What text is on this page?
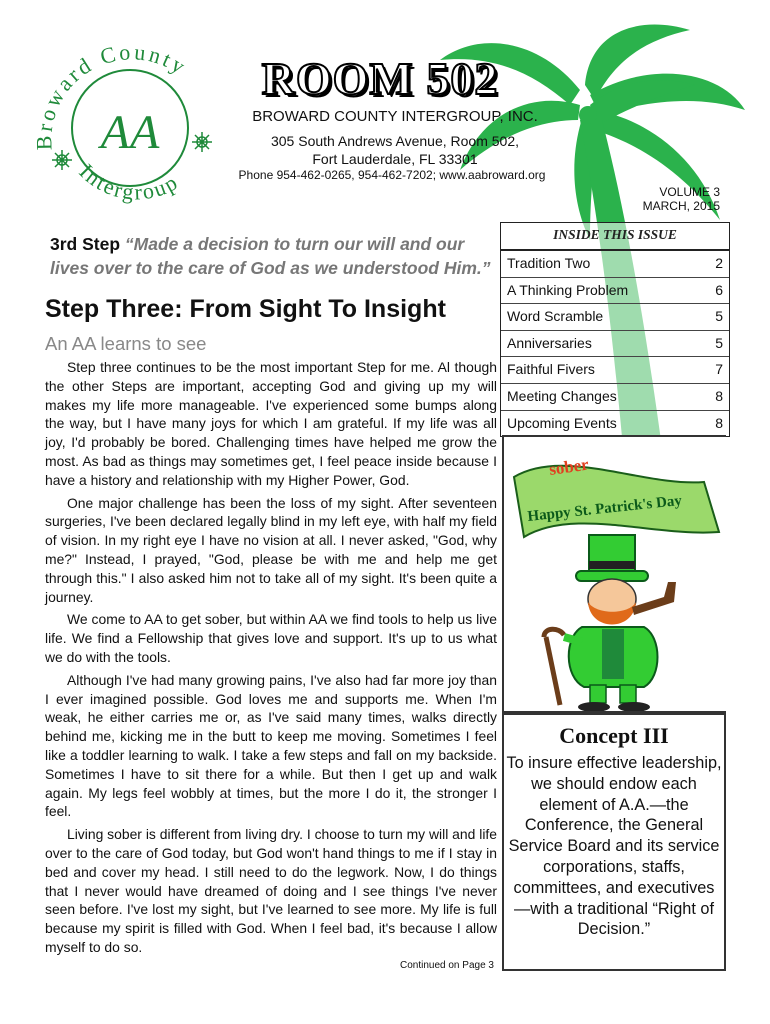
Broward County
Intergroup
AA
ROOM 502
BROWARD COUNTY INTERGROUP, INC.
305 South Andrews Avenue, Room 502,
Fort Lauderdale, FL 33301
Phone 954-462-0265, 954-462-7202; www.aabroward.org
VOLUME 3
MARCH, 2015
3rd Step “Made a decision to turn our will and our lives over to the care of God as we understood Him.”
Step Three: From Sight To Insight
An AA learns to see

Step three continues to be the most important Step for me. Al though the other Steps are important, accepting God and giving up my will makes my life more manageable. I've experienced some bumps along the way, but I have many joys for which I am grateful. If my life was all joy, I'd probably be bored. Challenging times have helped me grow the most. As bad as things may sometimes get, I feel peace inside because I have a history and relationship with my Higher Power, God.

One major challenge has been the loss of my sight. After seventeen surgeries, I've been declared legally blind in my left eye, with half my field of vision. In my right eye I have no vision at all. I never asked, "God, why me?" Instead, I prayed, "God, please be with me and help me get through this." I also asked him not to take all of my sight. It's been quite a journey.

We come to AA to get sober, but within AA we find tools to help us live life. We find a Fellowship that gives love and support. It's up to us what we do with the tools.

Although I've had many growing pains, I've also had far more joy than I ever imagined possible. God loves me and supports me. When I'm weak, he either carries me or, as I've said many times, walks directly behind me, kicking me in the butt to keep me moving. Sometimes I feel like a toddler learning to walk. I take a few steps and fall on my backside. Sometimes I have to sit there for a while. But then I get up and walk again. My legs feel wobbly at times, but the more I do it, the stronger I feel.

Living sober is different from living dry. I choose to turn my will and life over to the care of God today, but God won't hand things to me if I stay in bed and cover my head. I still need to do the legwork. Now, I do things that I never would have dreamed of doing and I see things I've never seen before. I've lost my sight, but I've learned to see more. My life is full because my spirit is filled with God. When I feel bad, it's because I allow myself to do so.

Continued on Page 3
INSIDE THIS ISSUE
Tradition Two	2
A Thinking Problem	6
Word Scramble	5
Anniversaries	5
Faithful Fivers	7
Meeting Changes	8
Upcoming Events	8
sober
Happy St. Patrick's Day
Concept III
To insure effective leadership, we should endow each element of A.A.—the Conference, the General Service Board and its service corporations, staffs, committees, and executives—with a traditional “Right of Decision.”
